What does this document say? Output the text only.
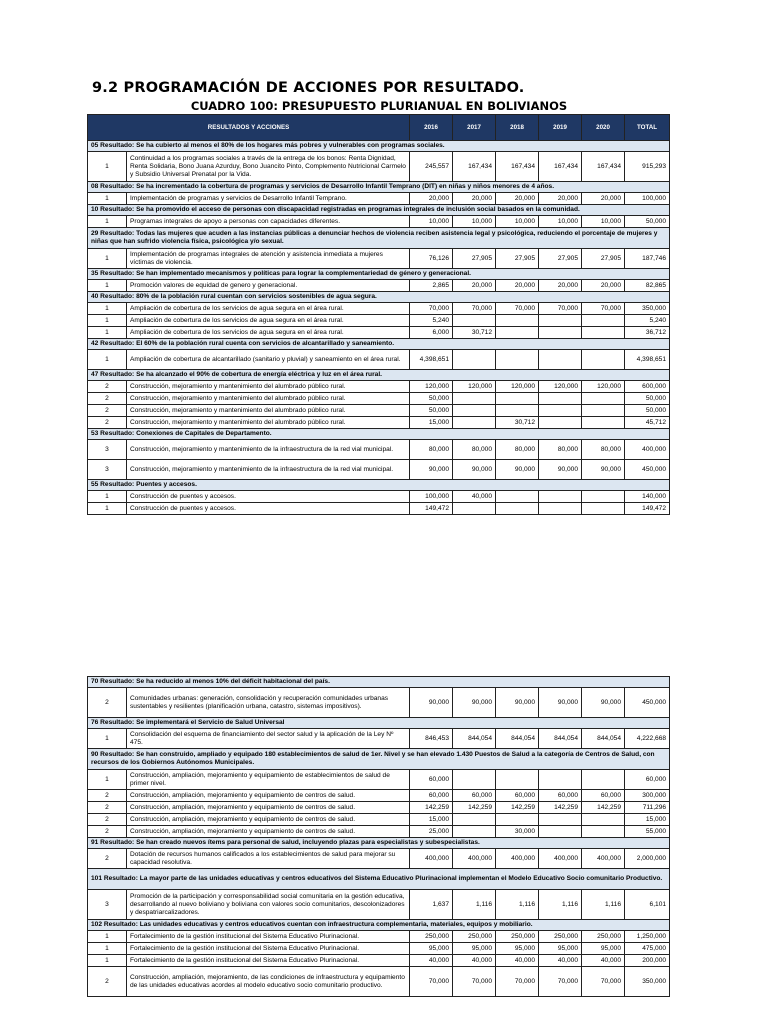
9.2 PROGRAMACIÓN DE ACCIONES POR RESULTADO.
CUADRO 100: PRESUPUESTO PLURIANUAL EN BOLIVIANOS
RESULTADOS Y ACCIONES		2016	2017	2018	2019	2020	TOTAL
05 Resultado: Se ha cubierto al menos el 80% de los hogares más pobres y vulnerables con programas sociales.							
1	Continuidad a los programas sociales a través de la entrega de los bonos: Renta Dignidad, Renta Solidaria, Bono Juana Azurduy, Bono Juancito Pinto, Complemento Nutricional Carmelo y Subsidio Universal Prenatal por la Vida.	245,557	167,434	167,434	167,434	167,434	915,293
08 Resultado: Se ha incrementado la cobertura de programas y servicios de Desarrollo Infantil Temprano (DIT) en niñas y niños menores de 4 años.							
1	Implementación de programas y servicios de Desarrollo Infantil Temprano.	20,000	20,000	20,000	20,000	20,000	100,000
10 Resultado: Se ha promovido el acceso de personas con discapacidad registradas en programas integrales de inclusión social basados en la comunidad.							
1	Programas integrales de apoyo a personas con capacidades diferentes.	10,000	10,000	10,000	10,000	10,000	50,000
29 Resultado: Todas las mujeres que acuden a las instancias públicas a denunciar hechos de violencia reciben asistencia legal y psicológica, reduciendo el porcentaje de mujeres y niñas que han sufrido violencia física, psicológica y/o sexual.							
1	Implementación de programas integrales de atención y asistencia inmediata a mujeres víctimas de violencia.	76,126	27,905	27,905	27,905	27,905	187,746
35 Resultado: Se han implementado mecanismos y políticas para lograr la complementariedad de género y generacional.							
1	Promoción valores de equidad de genero y generacional.	2,865	20,000	20,000	20,000	20,000	82,865
40 Resultado: 80% de la población rural cuentan con servicios sostenibles de agua segura.							
1	Ampliación de cobertura de los servicios de agua segura en el área rural.	70,000	70,000	70,000	70,000	70,000	350,000
1	Ampliación de cobertura de los servicios de agua segura en el área rural.	5,240					5,240
1	Ampliación de cobertura de los servicios de agua segura en el área rural.	6,000	30,712				36,712
42 Resultado: El 60% de la población rural cuenta con servicios de alcantarillado y saneamiento.							
1	Ampliación de cobertura de alcantarillado (sanitario y pluvial) y saneamiento en el área rural.	4,398,651					4,398,651
47 Resultado: Se ha alcanzado el 90% de cobertura de energía eléctrica y luz en el área rural.							
2	Construcción, mejoramiento y mantenimiento del alumbrado público rural.	120,000	120,000	120,000	120,000	120,000	600,000
2	Construcción, mejoramiento y mantenimiento del alumbrado público rural.	50,000					50,000
2	Construcción, mejoramiento y mantenimiento del alumbrado público rural.	50,000					50,000
2	Construcción, mejoramiento y mantenimiento del alumbrado público rural.	15,000		30,712			45,712
53 Resultado: Conexiones de Capitales de Departamento.							
3	Construcción, mejoramiento y mantenimiento de la infraestructura de la red vial municipal.	80,000	80,000	80,000	80,000	80,000	400,000
3	Construcción, mejoramiento y mantenimiento de la infraestructura de la red vial municipal.	90,000	90,000	90,000	90,000	90,000	450,000
55 Resultado: Puentes y accesos.							
1	Construcción de puentes y accesos.	100,000	40,000				140,000
1	Construcción de puentes y accesos.	149,472					149,472
70 Resultado: Se ha reducido al menos 10% del déficit habitacional del país.							
2	Comunidades urbanas: generación, consolidación y recuperación comunidades urbanas sustentables y resilientes (planificación urbana, catastro, sistemas impositivos).	90,000	90,000	90,000	90,000	90,000	450,000
76 Resultado: Se implementará el Servicio de Salud Universal							
1	Consolidación del esquema de financiamiento del sector salud y la aplicación de la Ley Nº 475.	846,453	844,054	844,054	844,054	844,054	4,222,668
90 Resultado: Se han construido, ampliado y equipado 180 establecimientos de salud de 1er. Nivel y se han elevado 1.430 Puestos de Salud a la categoría de Centros de Salud, con recursos de los Gobiernos Autónomos Municipales.							
1	Construcción, ampliación, mejoramiento y equipamiento de establecimientos de salud de primer nivel.	60,000					60,000
2	Construcción, ampliación, mejoramiento y equipamiento de centros de salud.	60,000	60,000	60,000	60,000	60,000	300,000
2	Construcción, ampliación, mejoramiento y equipamiento de centros de salud.	142,259	142,259	142,259	142,259	142,259	711,296
2	Construcción, ampliación, mejoramiento y equipamiento de centros de salud.	15,000					15,000
2	Construcción, ampliación, mejoramiento y equipamiento de centros de salud.	25,000		30,000			55,000
91 Resultado: Se han creado nuevos ítems para personal de salud, incluyendo plazas para especialistas y subespecialistas.							
2	Dotación de recursos humanos calificados a los establecimientos de salud para mejorar su capacidad resolutiva.	400,000	400,000	400,000	400,000	400,000	2,000,000
101 Resultado: La mayor parte de las unidades educativas y centros educativos del Sistema Educativo Plurinacional implementan el Modelo Educativo Socio comunitario Productivo.							
3	Promoción de la participación y corresponsabilidad social comunitaria en la gestión educativa, desarrollando al nuevo boliviano y boliviana con valores socio comunitarios, descolonizadores y despatriarcalizadores.	1,637	1,116	1,116	1,116	1,116	6,101
102 Resultado: Las unidades educativas y centros educativos cuentan con infraestructura complementaria, materiales, equipos y mobiliario.							
1	Fortalecimiento de la gestión institucional del Sistema Educativo Plurinacional.	250,000	250,000	250,000	250,000	250,000	1,250,000
1	Fortalecimiento de la gestión institucional del Sistema Educativo Plurinacional.	95,000	95,000	95,000	95,000	95,000	475,000
1	Fortalecimiento de la gestión institucional del Sistema Educativo Plurinacional.	40,000	40,000	40,000	40,000	40,000	200,000
2	Construcción, ampliación, mejoramiento, de las condiciones de infraestructura y equipamiento de las unidades educativas acordes al modelo educativo socio comunitario productivo.	70,000	70,000	70,000	70,000	70,000	350,000
